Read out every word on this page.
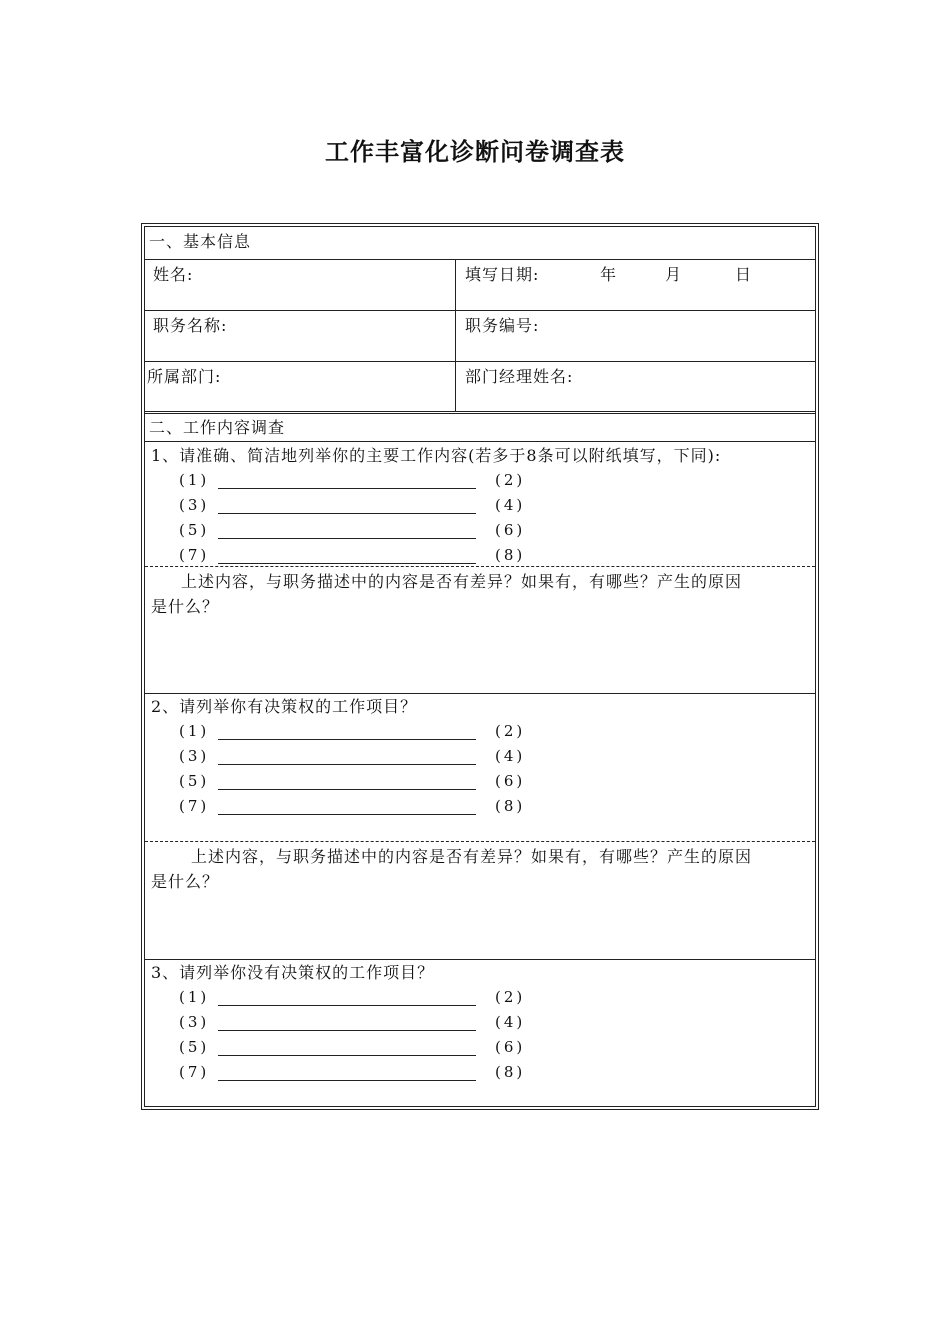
工作丰富化诊断问卷调查表
一、基本信息
姓名:	填写日期:	年	月	日
职务名称:	职务编号:
所属部门:	部门经理姓名:
二、工作内容调查
1、请准确、简洁地列举你的主要工作内容(若多于8条可以附纸填写，下同):
(1)	(2)
(3)	(4)
(5)	(6)
(7)	(8)
上述内容，与职务描述中的内容是否有差异？如果有，有哪些？产生的原因
是什么？
2、请列举你有决策权的工作项目？
(1)	(2)
(3)	(4)
(5)	(6)
(7)	(8)
上述内容，与职务描述中的内容是否有差异？如果有，有哪些？产生的原因
是什么？
3、请列举你没有决策权的工作项目？
(1)	(2)
(3)	(4)
(5)	(6)
(7)	(8)
